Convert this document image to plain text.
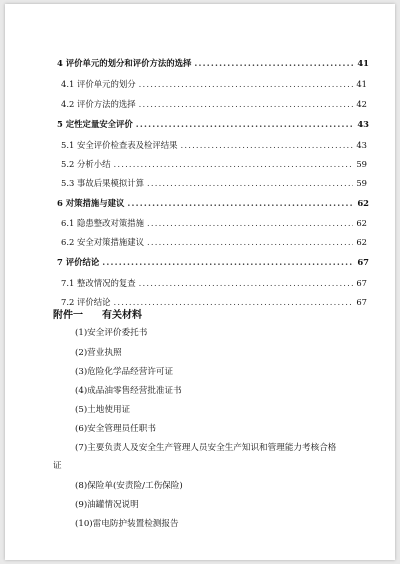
4 评价单元的划分和评价方法的选择 .....	41
4.1 评价单元的划分 .....	41
4.2 评价方法的选择 .....	42
5 定性定量安全评价 .....	43
5.1 安全评价检查表及检评结果 .....	43
5.2 分析小结 .....	59
5.3 事故后果模拟计算 .....	59
6 对策措施与建议 .....	62
6.1 隐患整改对策措施 .....	62
6.2 安全对策措施建议 .....	62
7 评价结论 .....	67
7.1 整改情况的复查 .....	67
7.2 评价结论 .....	67
附件一 有关材料
(1)安全评价委托书
(2)营业执照
(3)危险化学品经营许可证
(4)成品油零售经营批准证书
(5)土地使用证
(6)安全管理员任职书
(7)主要负责人及安全生产管理人员安全生产知识和管理能力考核合格
证
(8)保险单(安责险/工伤保险)
(9)油罐情况说明
(10)雷电防护装置检测报告
